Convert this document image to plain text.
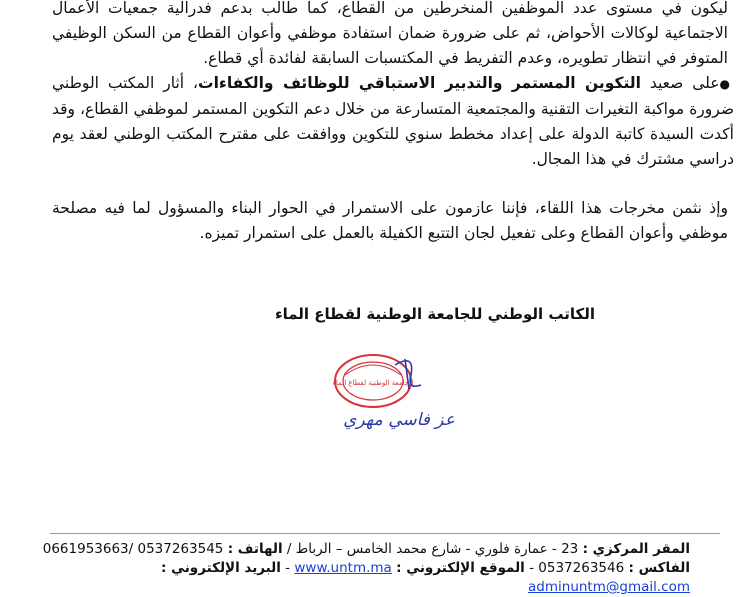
ليكون في مستوى عدد الموظفين المنخرطين من القطاع، كما طالب بدعم فدرالية جمعيات الأعمال الاجتماعية لوكالات الأحواض، ثم على ضرورة ضمان استفادة موظفي وأعوان القطاع من السكن الوظيفي المتوفر في انتظار تطويره، وعدم التفريط في المكتسبات السابقة لفائدة أي قطاع.

●على صعيد التكوين المستمر والتدبير الاستباقي للوظائف والكفاءات، أثار المكتب الوطني ضرورة مواكبة التغيرات التقنية والمجتمعية المتسارعة من خلال دعم التكوين المستمر لموظفي القطاع، وقد أكدت السيدة كاتبة الدولة على إعداد مخطط سنوي للتكوين ووافقت على مقترح المكتب الوطني لعقد يوم دراسي مشترك في هذا المجال.

وإذ نثمن مخرجات هذا اللقاء، فإننا عازمون على الاستمرار في الحوار البناء والمسؤول لما فيه مصلحة موظفي وأعوان القطاع وعلى تفعيل لجان التتبع الكفيلة بالعمل على استمرار تميزه.

الكاتب الوطني للجامعة الوطنية لقطاع الماء
الجامعة الوطنية لقطاع الماء
عز فاسي مهري

المقر المركزي : 23 - عمارة فلوري - شارع محمد الخامس – الرباط / الهاتف : 0537263545 /0661953663

الفاكس : 0537263546 - الموقع الإلكتروني : www.untm.ma - البريد الإلكتروني : adminuntm@gmail.com
